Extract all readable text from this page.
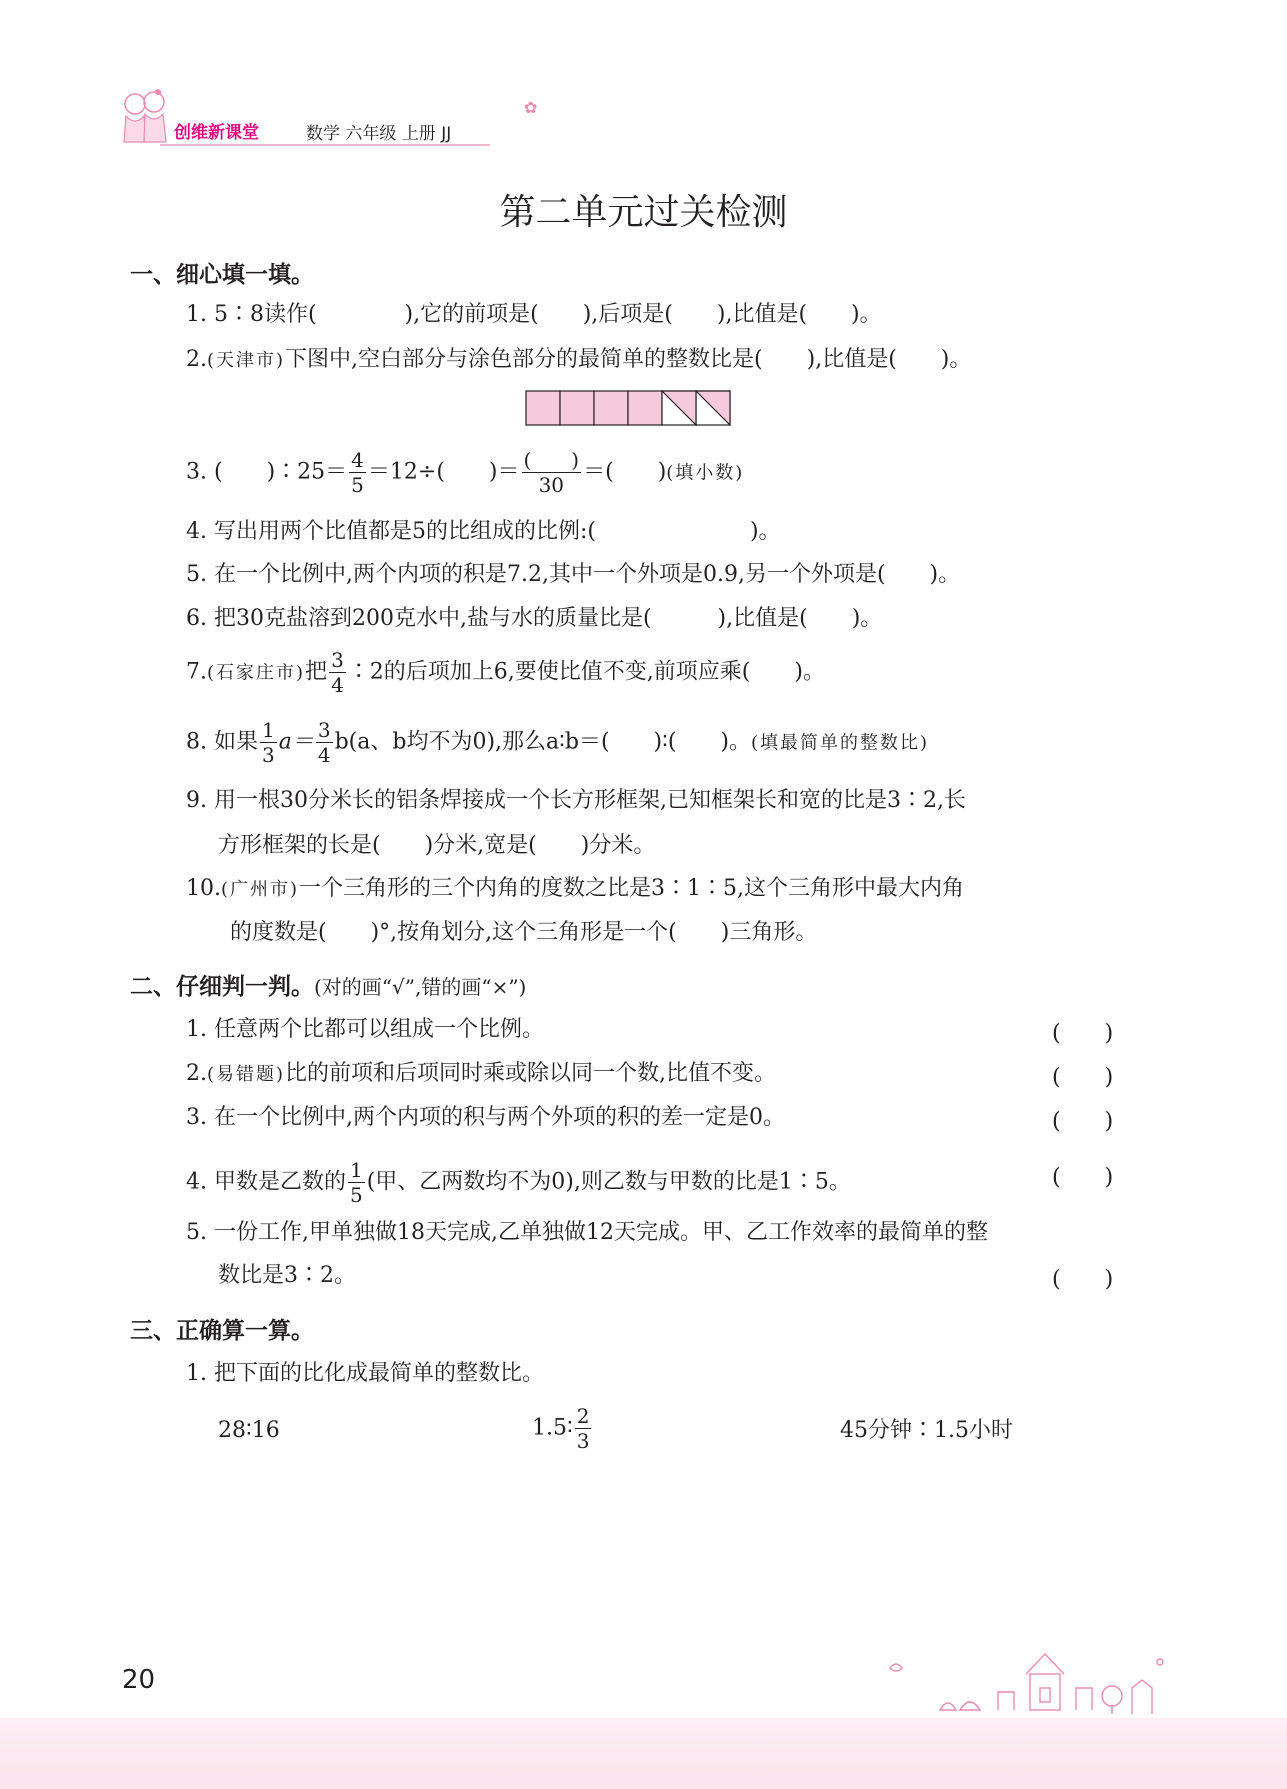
创维新课堂	数学 六年级 上册 JJ
✿
第二单元过关检测
一、细心填一填。
1. 5∶8读作(　　　　),它的前项是(　　),后项是(　　),比值是(　　)。
2.(天津市)下图中,空白部分与涂色部分的最简单的整数比是(　　),比值是(　　)。
3. (　　)∶25＝ $\frac{4}{5} =12\div$(　　)＝ $\frac{( )}{30}$ ＝(　　)(填小数)
4. 写出用两个比值都是5的比组成的比例:(　　　　　　　)。
5. 在一个比例中,两个内项的积是7.2,其中一个外项是0.9,另一个外项是(　　)。
6. 把30克盐溶到200克水中,盐与水的质量比是(　　　),比值是(　　)。
7.(石家庄市)把 $\frac{3}{4}$ ∶2的后项加上6,要使比值不变,前项应乘(　　)。
8. 如果 $\frac{1}{3} a= \frac{3}{4} b(a$、b均不为0),那么a∶b＝(　　)∶(　　)。(填最简单的整数比)
9. 用一根30分米长的铝条焊接成一个长方形框架,已知框架长和宽的比是3∶2,长
方形框架的长是(　　)分米,宽是(　　)分米。
10.(广州市)一个三角形的三个内角的度数之比是3∶1∶5,这个三角形中最大内角
的度数是(　　)°,按角划分,这个三角形是一个(　　)三角形。
二、仔细判一判。(对的画“√”,错的画“×”)
1. 任意两个比都可以组成一个比例。	(　　)
2.(易错题)比的前项和后项同时乘或除以同一个数,比值不变。	(　　)
3. 在一个比例中,两个内项的积与两个外项的积的差一定是0。	(　　)
4. 甲数是乙数的 $\frac{1}{5}$ (甲、乙两数均不为0),则乙数与甲数的比是1∶5。	(　　)
5. 一份工作,甲单独做18天完成,乙单独做12天完成。甲、乙工作效率的最简单的整
数比是3∶2。	(　　)
三、正确算一算。
1. 把下面的比化成最简单的整数比。
28∶16	1.5∶ $\frac{2}{3}$	45分钟∶1.5小时
20
